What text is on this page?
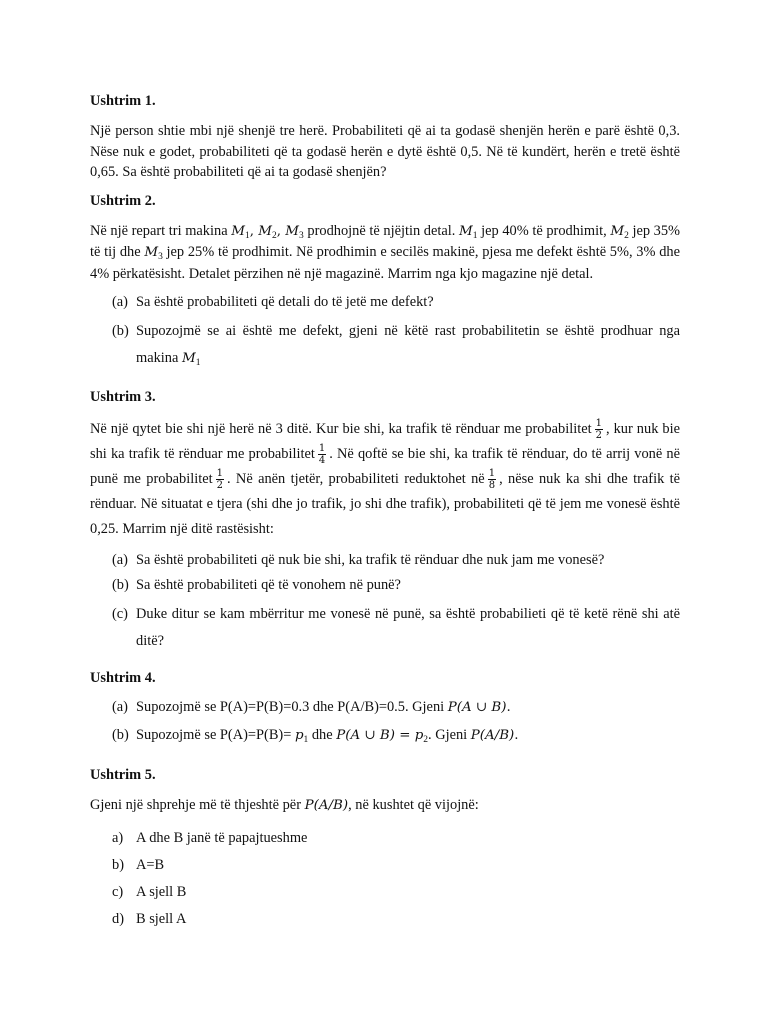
Ushtrim 1.

Një person shtie mbi një shenjë tre herë. Probabiliteti që ai ta godasë shenjën herën e parë është 0,3. Nëse nuk e godet, probabiliteti që ta godasë herën e dytë është 0,5. Në të kundërt, herën e tretë është 0,65. Sa është probabiliteti që ai ta godasë shenjën?

Ushtrim 2.

Në një repart tri makina $M_1$, $M_2$, $M_3$ prodhojnë të njëjtin detal. $M_1$ jep 40% të prodhimit, $M_2$ jep 35% të tij dhe $M_3$ jep 25% të prodhimit. Në prodhimin e secilës makinë, pjesa me defekt është 5%, 3% dhe 4% përkatësisht. Detalet përzihen në një magazinë. Marrim nga kjo magazine një detal.

(a) Sa është probabiliteti që detali do të jetë me defekt?
(b) Supozojmë se ai është me defekt, gjeni në këtë rast probabilitetin se është prodhuar nga makina $M_1$

Ushtrim 3.

Në një qytet bie shi një herë në 3 ditë. Kur bie shi, ka trafik të rënduar me probabilitet $\frac{1}{2}$ , kur nuk bie shi ka trafik të rënduar me probabilitet $\frac{1}{4}$ . Në qoftë se bie shi, ka trafik të rënduar, do të arrij vonë në punë me probabilitet $\frac{1}{2}$ . Në anën tjetër, probabiliteti reduktohet në $\frac{1}{8}$ , nëse nuk ka shi dhe trafik të rënduar. Në situatat e tjera (shi dhe jo trafik, jo shi dhe trafik), probabiliteti që të jem me vonesë është 0,25. Marrim një ditë rastësisht:

(a) Sa është probabiliteti që nuk bie shi, ka trafik të rënduar dhe nuk jam me vonesë?
(b) Sa është probabiliteti që të vonohem në punë?
(c) Duke ditur se kam mbërritur me vonesë në punë, sa është probabilieti që të ketë rënë shi atë ditë?

Ushtrim 4.

(a) Supozojmë se P(A)=P(B)=0.3 dhe P(A/B)=0.5. Gjeni P(A ∪ B).
(b) Supozojmë se $P(A)=P(B)= p_1$ dhe P(A ∪ $B) = p_2$. Gjeni P(A/B).

Ushtrim 5.

Gjeni një shprehje më të thjeshtë për P(A/B), në kushtet që vijojnë:

a) A dhe B janë të papajtueshme
b) A=B
c) A sjell B
d) B sjell A
